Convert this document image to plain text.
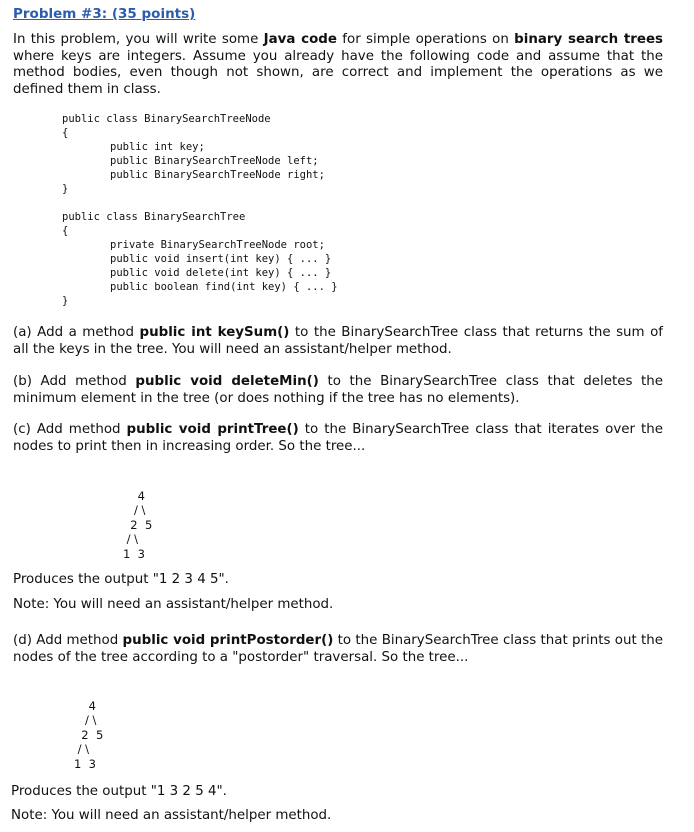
Problem #3: (35 points)
In this problem, you will write some Java code for simple operations on binary search trees where keys are integers. Assume you already have the following code and assume that the method bodies, even though not shown, are correct and implement the operations as we defined them in class.
public class BinarySearchTreeNode
{
public int key;
public BinarySearchTreeNode left;
public BinarySearchTreeNode right;
}
public class BinarySearchTree
{
private BinarySearchTreeNode root;
public void insert(int key) { ... }
public void delete(int key) { ... }
public boolean find(int key) { ... }
}
(a) Add a method public int keySum() to the BinarySearchTree class that returns the sum of all the keys in the tree. You will need an assistant/helper method.
(b) Add method public void deleteMin() to the BinarySearchTree class that deletes the minimum element in the tree (or does nothing if the tree has no elements).
(c) Add method public void printTree() to the BinarySearchTree class that iterates over the nodes to print then in increasing order. So the tree...

4
/ \
2  5
/ \
1  3

Produces the output "1 2 3 4 5".
Note: You will need an assistant/helper method.
(d) Add method public void printPostorder() to the BinarySearchTree class that prints out the nodes of the tree according to a "postorder" traversal. So the tree...

4
/ \
2  5
/ \
1  3

Produces the output "1 3 2 5 4".
Note: You will need an assistant/helper method.
